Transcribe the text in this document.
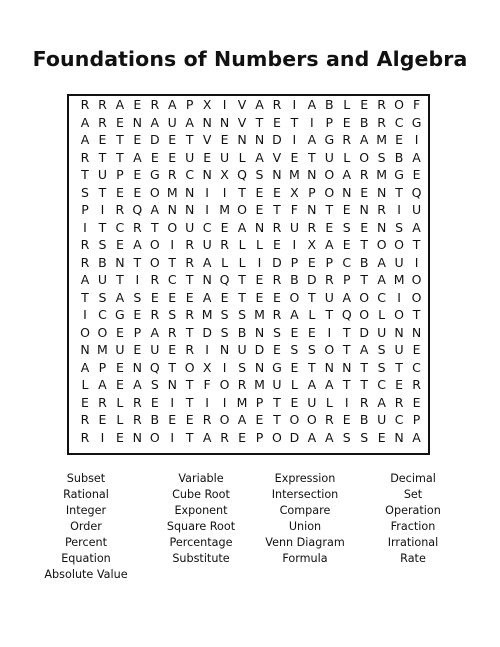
Foundations of Numbers and Algebra
R R A E R A P X I V A R I A B L E R O F
A R E N A U A N N V T E T I P E B R C G
A E T E D E T V E N N D I A G R A M E I
R T T A E E U E U L A V E T U L O S B A
T U P E G R C N X Q S N M N O A R M G E
S T E E O M N I	I T E E X P O N E N T Q
P I R Q A N N I M O E T F N T E N R I U
I T C R T O U C E A N R U R E S E N S A
R S E A O I R U R L L E I X A E T O O T
R B N T O T R A L L I D P E P C B A U I
A U T I R C T N Q T E R B D R P T A M O
T S A S E E E A E T E E O T U A O C I O
I C G E R S R M S S M R A L T Q O L O T
O O E P A R T D S B N S E E I T D U N N
N M U E U E R I N U D E S S O T A S U E
A P E N Q T O X I S N G E T N N T S T C
L A E A S N T F O R M U L A A T T C E R
E R L R E I T I	I M P T E U L I R A R E
R E L R B E E R O A E T O O R E B U C P
R I E N O I T A R E P O D A A S S E N A
Subset	Variable	Expression	Decimal
Rational	Cube Root	Intersection	Set
Integer	Exponent	Compare	Operation
Order	Square Root	Union	Fraction
Percent	Percentage	Venn Diagram	Irrational
Equation	Substitute	Formula	Rate
Absolute Value
